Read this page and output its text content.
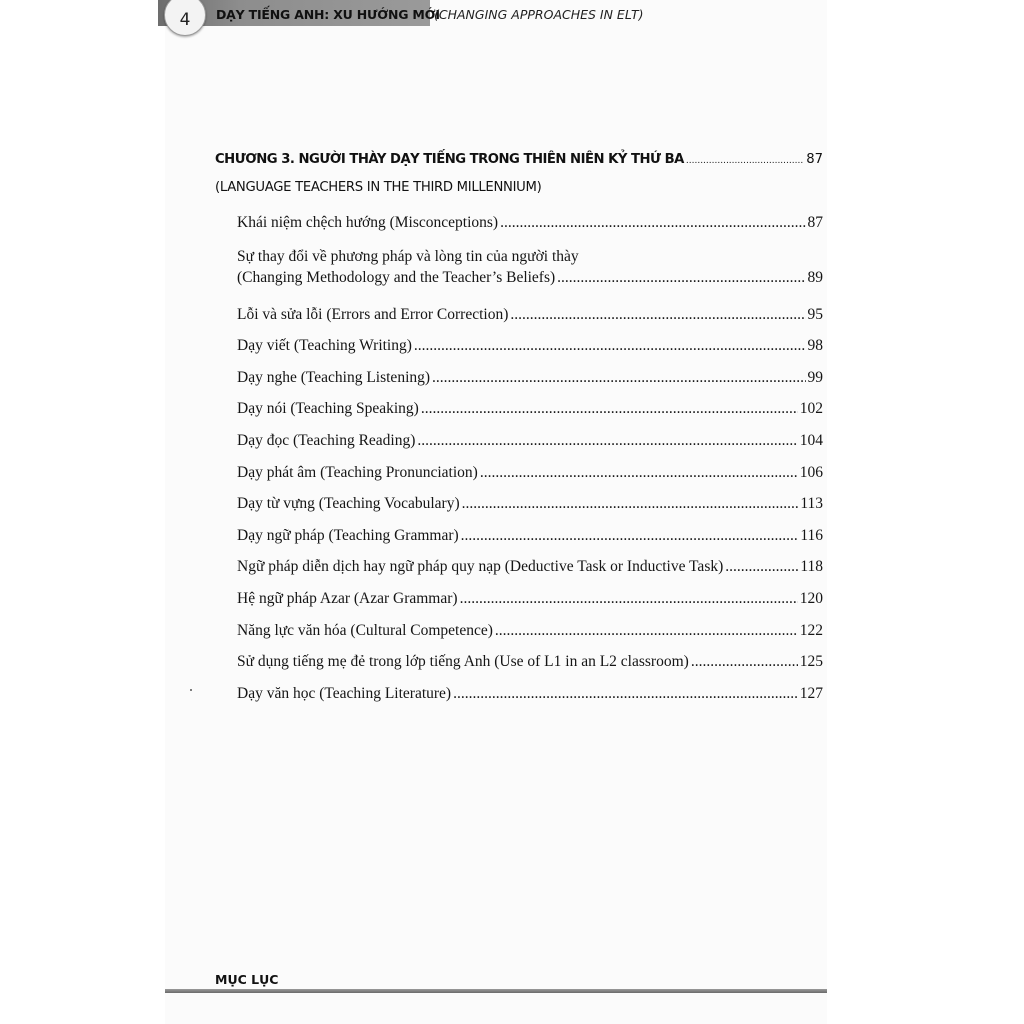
4 DẠY TIẾNG ANH: XU HƯỚNG MỚI
(CHANGING APPROACHES IN ELT)
CHƯƠNG 3. NGƯỜI THÀY DẠY TIẾNG TRONG THIÊN NIÊN KỶ THỨ BA .....	87
(LANGUAGE TEACHERS IN THE THIRD MILLENNIUM)
Khái niệm chệch hướng (Misconceptions) .....	87
Sự thay đổi về phương pháp và lòng tin của người thày
(Changing Methodology and the Teacher’s Beliefs) .....	89
Lỗi và sửa lỗi (Errors and Error Correction) .....	95
Dạy viết (Teaching Writing) .....	98
Dạy nghe (Teaching Listening) .....	99
Dạy nói (Teaching Speaking) .....	102
Dạy đọc (Teaching Reading) .....	104
Dạy phát âm (Teaching Pronunciation) .....	106
Dạy từ vựng (Teaching Vocabulary) .....	113
Dạy ngữ pháp (Teaching Grammar) .....	116
Ngữ pháp diễn dịch hay ngữ pháp quy nạp (Deductive Task or Inductive Task) .....	118
Hệ ngữ pháp Azar (Azar Grammar) .....	120
Năng lực văn hóa (Cultural Competence) .....	122
Sử dụng tiếng mẹ đẻ trong lớp tiếng Anh (Use of L1 in an L2 classroom) .....	125
Dạy văn học (Teaching Literature) .....	127
MỤC LỤC
